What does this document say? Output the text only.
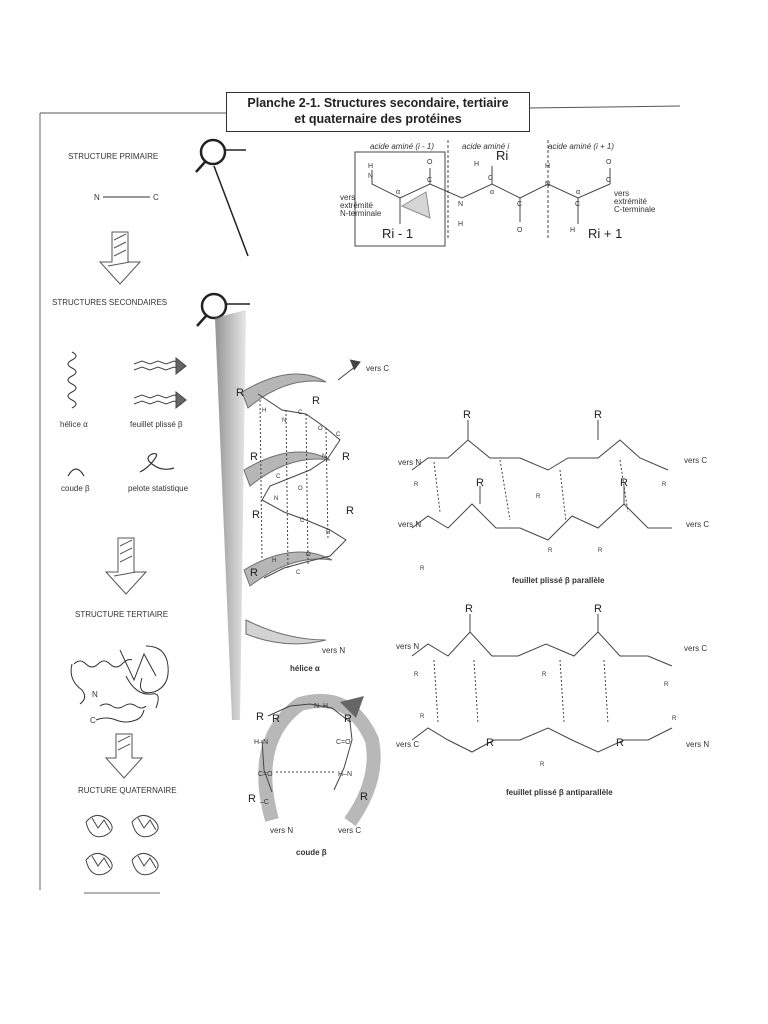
Planche 2-1. Structures secondaire, tertiaire
et quaternaire des protéines
STRUCTURE PRIMAIRE
N	C
STRUCTURES SECONDAIRES
hélice α	feuillet plissé β
coude β	pelote statistique
STRUCTURE TERTIAIRE
N
C
RUCTURE QUATERNAIRE
H
N
O
C
N
H
C
H
C
O
N
H
C
H
O
C
α	α	α
acide aminé (i - 1)	acide aminé i	acide aminé (i + 1)
vers
extrémité
N-terminale
vers
extrémité
C-terminale
Ri - 1
Ri
Ri + 1
R
R
R	R
R	R
R
H
N
C
O
C
N
C
O
N
C
H
O
H
C
vers C
vers N
hélice α
R R	R
R
R
H–N	C=O
C=O	H–N
N–H
–C
vers N	vers C
coude β
R	R
R	R
R
R
R
R
R	R
vers N
vers N
vers C
vers C
feuillet plissé β parallèle
R	R
R	R
R
R
R
R
R
R
vers N
vers C
vers C
vers N
feuillet plissé β antiparallèle
